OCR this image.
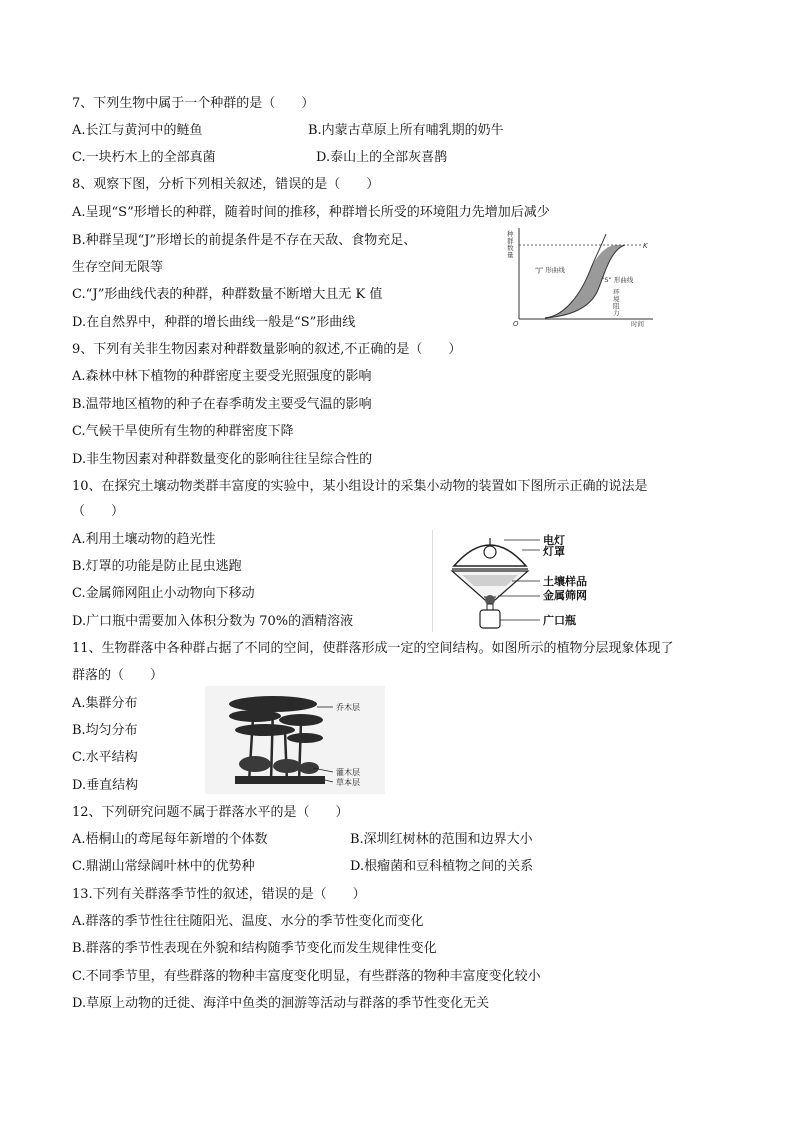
7、下列生物中属于一个种群的是（　　）
A.长江与黄河中的鲢鱼	B.内蒙古草原上所有哺乳期的奶牛
C.一块朽木上的全部真菌	D.泰山上的全部灰喜鹊
8、观察下图，分析下列相关叙述，错误的是（　　）
A.呈现“S”形增长的种群，随着时间的推移，种群增长所受的环境阻力先增加后减少
B.种群呈现“J”形增长的前提条件是不存在天敌、食物充足、
生存空间无限等
C.“J”形曲线代表的种群，种群数量不断增大且无 K 值
D.在自然界中，种群的增长曲线一般是“S”形曲线
种
群
数
量
K
“J” 形曲线
“S” 形曲线
环
境
阻
力
O	时间
9、下列有关非生物因素对种群数量影响的叙述,不正确的是（　　）
A.森林中林下植物的种群密度主要受光照强度的影响
B.温带地区植物的种子在春季萌发主要受气温的影响
C.气候干旱使所有生物的种群密度下降
D.非生物因素对种群数量变化的影响往往呈综合性的
10、在探究土壤动物类群丰富度的实验中，某小组设计的采集小动物的装置如下图所示正确的说法是
（　　）
A.利用土壤动物的趋光性
B.灯罩的功能是防止昆虫逃跑
C.金属筛网阻止小动物向下移动
D.广口瓶中需要加入体积分数为 70%的酒精溶液
电灯
灯罩
土壤样品
金属筛网
广口瓶
11、生物群落中各种群占据了不同的空间，使群落形成一定的空间结构。如图所示的植物分层现象体现了
群落的（　　）
A.集群分布
B.均匀分布
C.水平结构
D.垂直结构
乔木层
灌木层
草本层
12、下列研究问题不属于群落水平的是（　　）
A.梧桐山的鸢尾每年新增的个体数	B.深圳红树林的范围和边界大小
C.鼎湖山常绿阔叶林中的优势种	D.根瘤菌和豆科植物之间的关系
13.下列有关群落季节性的叙述，错误的是（　　）
A.群落的季节性往往随阳光、温度、水分的季节性变化而变化
B.群落的季节性表现在外貌和结构随季节变化而发生规律性变化
C.不同季节里，有些群落的物种丰富度变化明显，有些群落的物种丰富度变化较小
D.草原上动物的迁徙、海洋中鱼类的洄游等活动与群落的季节性变化无关
